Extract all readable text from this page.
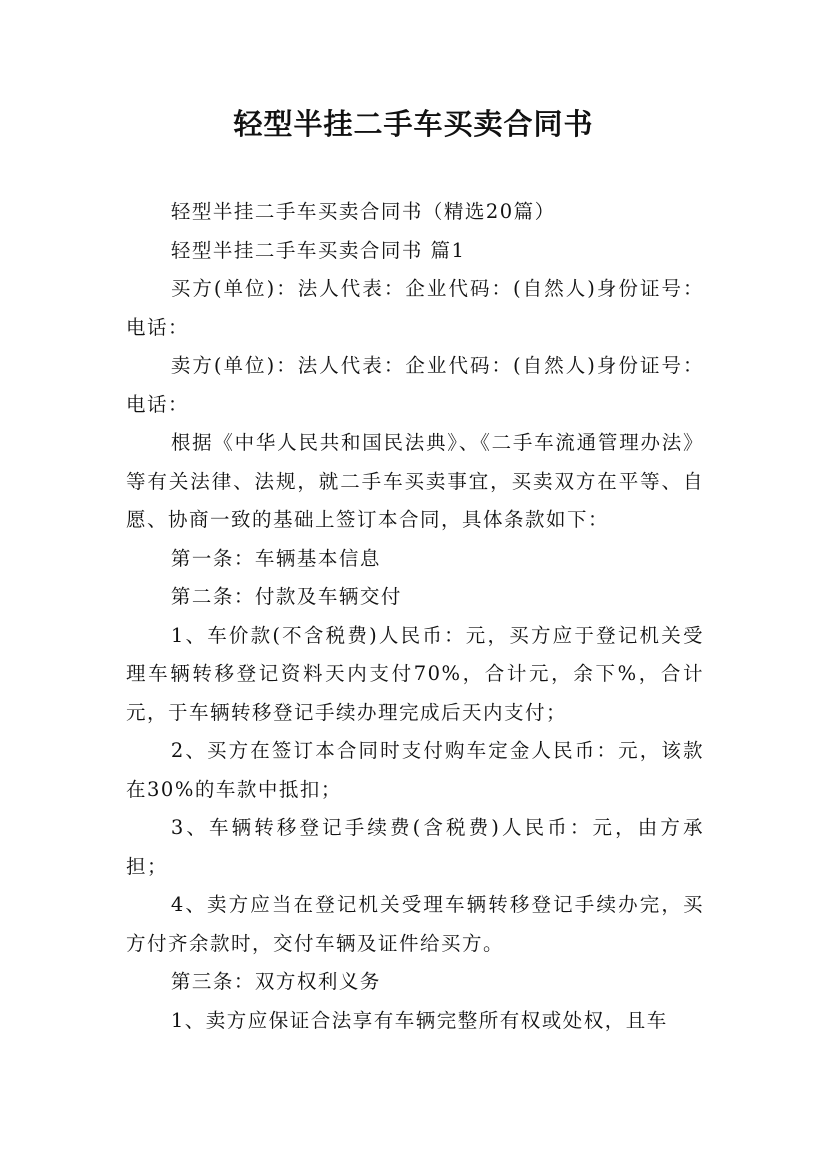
轻型半挂二手车买卖合同书

轻型半挂二手车买卖合同书（精选20篇）

轻型半挂二手车买卖合同书 篇1

买方(单位)：法人代表：企业代码：(自然人)身份证号：电话：

卖方(单位)：法人代表：企业代码：(自然人)身份证号：电话：

根据《中华人民共和国民法典》、《二手车流通管理办法》等有关法律、法规，就二手车买卖事宜，买卖双方在平等、自愿、协商一致的基础上签订本合同，具体条款如下：

第一条：车辆基本信息

第二条：付款及车辆交付

1、车价款(不含税费)人民币：元，买方应于登记机关受理车辆转移登记资料天内支付70%，合计元，余下%，合计元，于车辆转移登记手续办理完成后天内支付；

2、买方在签订本合同时支付购车定金人民币：元，该款在30%的车款中抵扣；

3、车辆转移登记手续费(含税费)人民币：元，由方承担；

4、卖方应当在登记机关受理车辆转移登记手续办完，买方付齐余款时，交付车辆及证件给买方。

第三条：双方权利义务

1、卖方应保证合法享有车辆完整所有权或处权，且车
